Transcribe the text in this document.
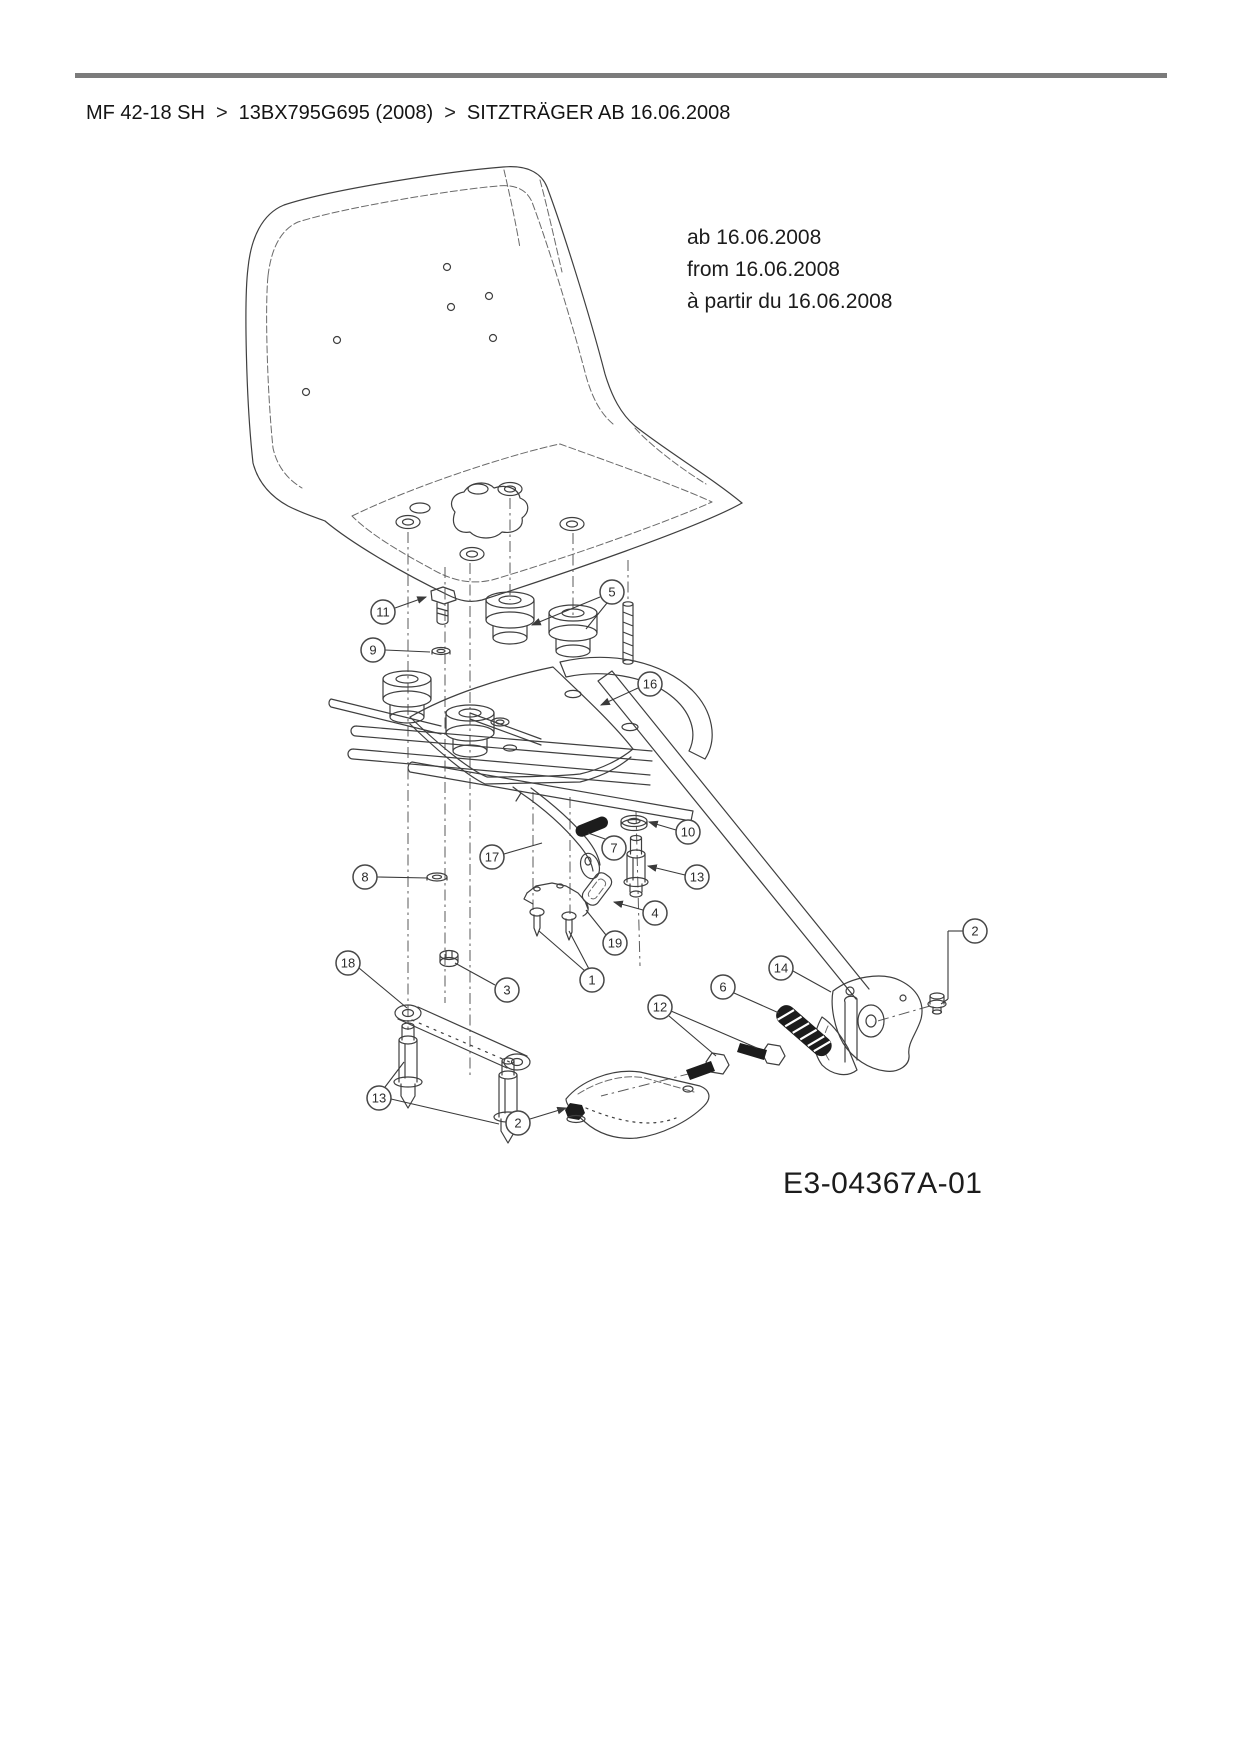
MF 42-18 SH > 13BX795G695 (2008) > SITZTRÄGER AB 16.06.2008
ab 16.06.2008
from 16.06.2008
à partir du 16.06.2008
E3-04367A-01
11
9
5
16
17
7
10
13
8
4
19
1
18
3
12
14
6
2
13
2
